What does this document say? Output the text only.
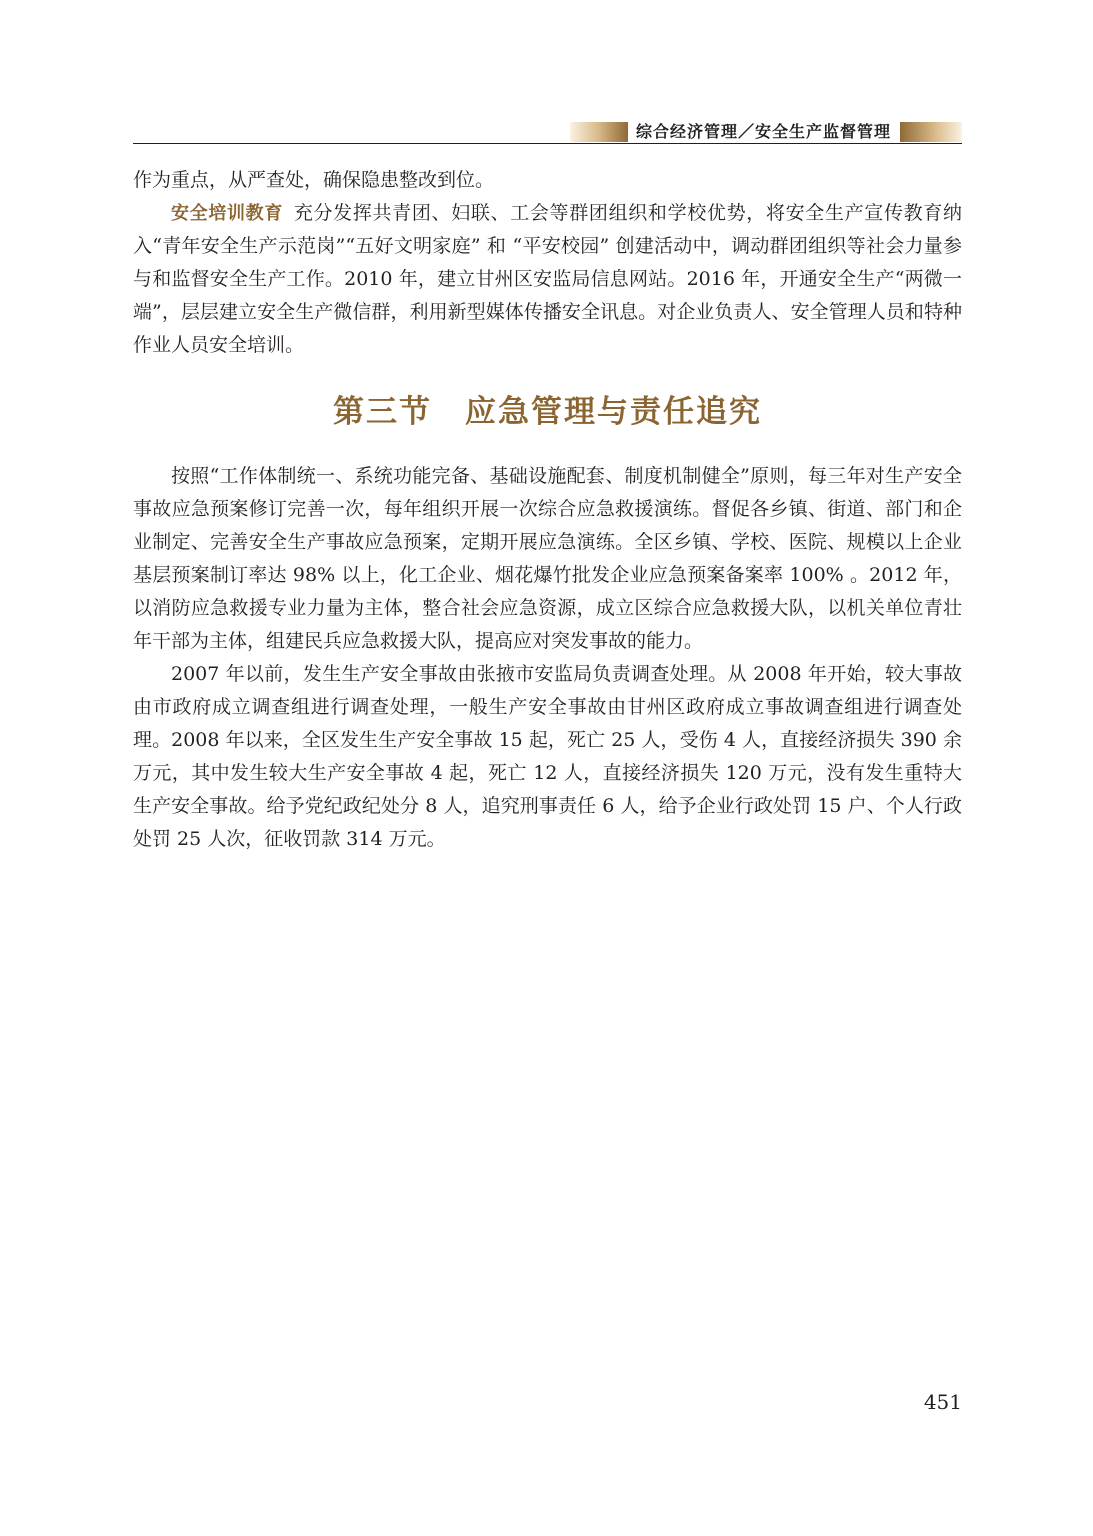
综合经济管理／安全生产监督管理

作为重点，从严查处，确保隐患整改到位。

安全培训教育 充分发挥共青团、妇联、工会等群团组织和学校优势，将安全生产宣传教育纳入“青年安全生产示范岗”“五好文明家庭” 和 “平安校园” 创建活动中，调动群团组织等社会力量参与和监督安全生产工作。2010 年，建立甘州区安监局信息网站。2016 年，开通安全生产“两微一端”，层层建立安全生产微信群，利用新型媒体传播安全讯息。对企业负责人、安全管理人员和特种作业人员安全培训。

第三节　应急管理与责任追究

按照“工作体制统一、系统功能完备、基础设施配套、制度机制健全”原则，每三年对生产安全事故应急预案修订完善一次，每年组织开展一次综合应急救援演练。督促各乡镇、街道、部门和企业制定、完善安全生产事故应急预案，定期开展应急演练。全区乡镇、学校、医院、规模以上企业基层预案制订率达 98% 以上，化工企业、烟花爆竹批发企业应急预案备案率 100% 。2012 年，以消防应急救援专业力量为主体，整合社会应急资源，成立区综合应急救援大队，以机关单位青壮年干部为主体，组建民兵应急救援大队，提高应对突发事故的能力。

2007 年以前，发生生产安全事故由张掖市安监局负责调查处理。从 2008 年开始，较大事故由市政府成立调查组进行调查处理，一般生产安全事故由甘州区政府成立事故调查组进行调查处理。2008 年以来，全区发生生产安全事故 15 起，死亡 25 人，受伤 4 人，直接经济损失 390 余万元，其中发生较大生产安全事故 4 起，死亡 12 人，直接经济损失 120 万元，没有发生重特大生产安全事故。给予党纪政纪处分 8 人，追究刑事责任 6 人，给予企业行政处罚 15 户、个人行政处罚 25 人次，征收罚款 314 万元。

451
